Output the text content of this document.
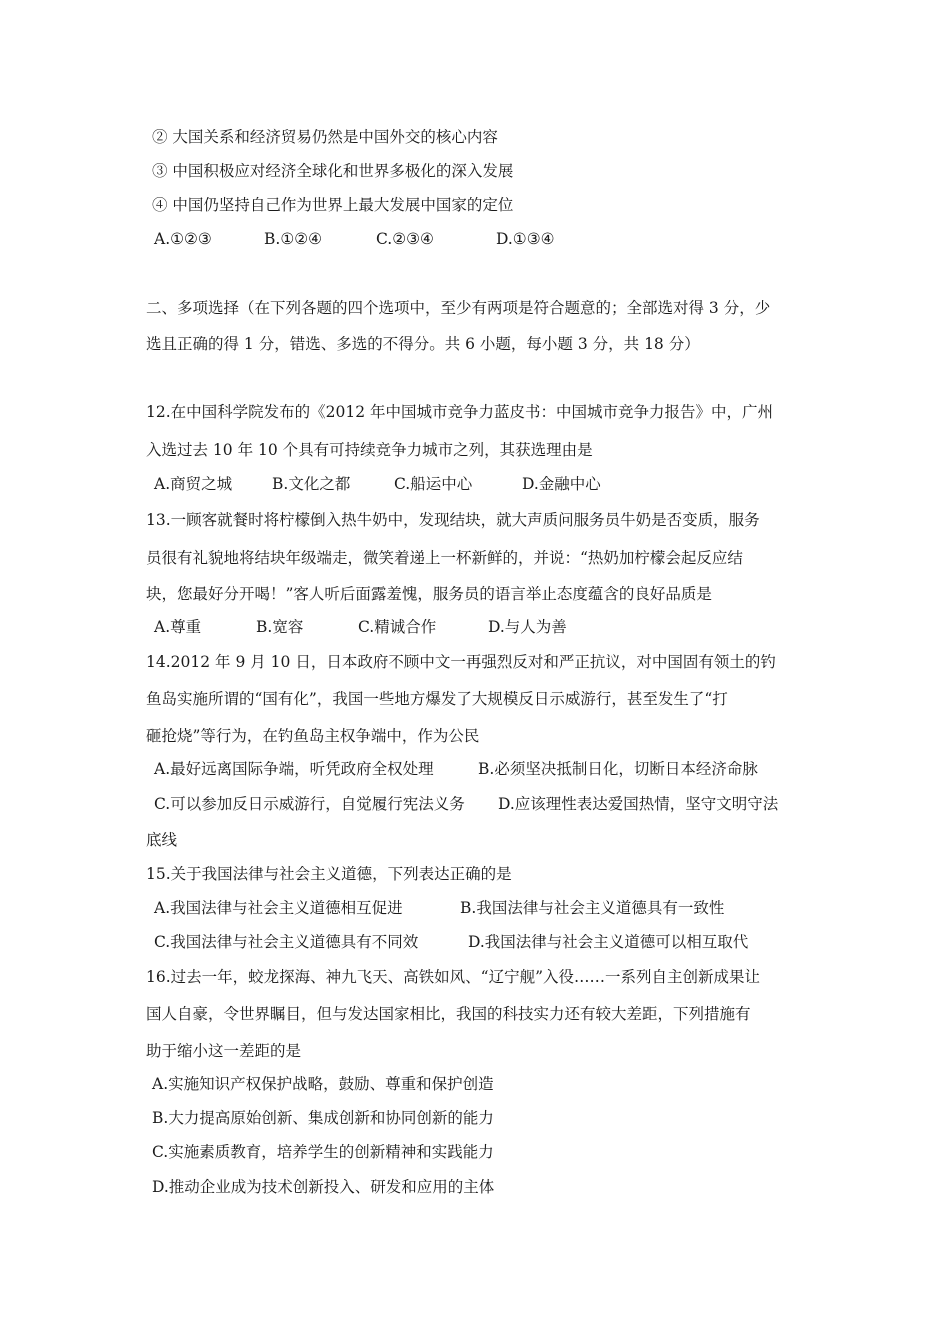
② 大国关系和经济贸易仍然是中国外交的核心内容
③ 中国积极应对经济全球化和世界多极化的深入发展
④ 中国仍坚持自己作为世界上最大发展中国家的定位
A.①②③	B.①②④	C.②③④	D.①③④
二、多项选择（在下列各题的四个选项中，至少有两项是符合题意的；全部选对得 3 分，少
选且正确的得 1 分，错选、多选的不得分。共 6 小题，每小题 3 分，共 18 分）
12.在中国科学院发布的《2012 年中国城市竞争力蓝皮书：中国城市竞争力报告》中，广州
入选过去 10 年 10 个具有可持续竞争力城市之列，其获选理由是
A.商贸之城	B.文化之都	C.船运中心	D.金融中心
13.一顾客就餐时将柠檬倒入热牛奶中，发现结块，就大声质问服务员牛奶是否变质，服务
员很有礼貌地将结块年级端走，微笑着递上一杯新鲜的，并说：“热奶加柠檬会起反应结
块，您最好分开喝！”客人听后面露羞愧，服务员的语言举止态度蕴含的良好品质是
A.尊重	B.宽容	C.精诚合作	D.与人为善
14.2012 年 9 月 10 日，日本政府不顾中文一再强烈反对和严正抗议，对中国固有领土的钓
鱼岛实施所谓的“国有化”，我国一些地方爆发了大规模反日示威游行，甚至发生了“打
砸抢烧”等行为，在钓鱼岛主权争端中，作为公民
A.最好远离国际争端，听凭政府全权处理	B.必须坚决抵制日化，切断日本经济命脉
C.可以参加反日示威游行，自觉履行宪法义务 D.应该理性表达爱国热情，坚守文明守法
底线
15.关于我国法律与社会主义道德，下列表达正确的是
A.我国法律与社会主义道德相互促进	B.我国法律与社会主义道德具有一致性
C.我国法律与社会主义道德具有不同效	D.我国法律与社会主义道德可以相互取代
16.过去一年，蛟龙探海、神九飞天、高铁如风、“辽宁舰”入役……一系列自主创新成果让
国人自豪，令世界瞩目，但与发达国家相比，我国的科技实力还有较大差距，下列措施有
助于缩小这一差距的是
A.实施知识产权保护战略，鼓励、尊重和保护创造
B.大力提高原始创新、集成创新和协同创新的能力
C.实施素质教育，培养学生的创新精神和实践能力
D.推动企业成为技术创新投入、研发和应用的主体
